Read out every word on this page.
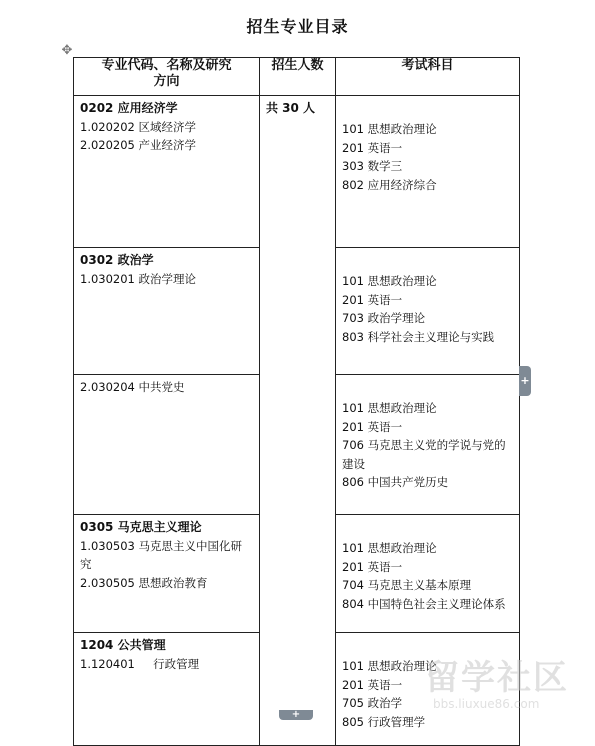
招生专业目录
✥
专业代码、名称及研究方向	招生人数	考试科目

0202 应用经济学
1.020202 区域经济学
2.020205 产业经济学	共 30 人	101 思想政治理论
201 英语一
303 数学三
802 应用经济综合

0302 政治学
1.030201 政治学理论		101 思想政治理论
201 英语一
703 政治学理论
803 科学社会主义理论与实践

2.030204 中共党史		101 思想政治理论
201 英语一
706 马克思主义党的学说与党的建设
806 中国共产党历史

0305 马克思主义理论
1.030503 马克思主义中国化研究
2.030505 思想政治教育		101 思想政治理论
201 英语一
704 马克思主义基本原理
804 中国特色社会主义理论体系

1204 公共管理
1.120401     行政管理		101 思想政治理论
201 英语一
705 政治学
805 行政管理学
+
+
留学社区
bbs.liuxue86.com
